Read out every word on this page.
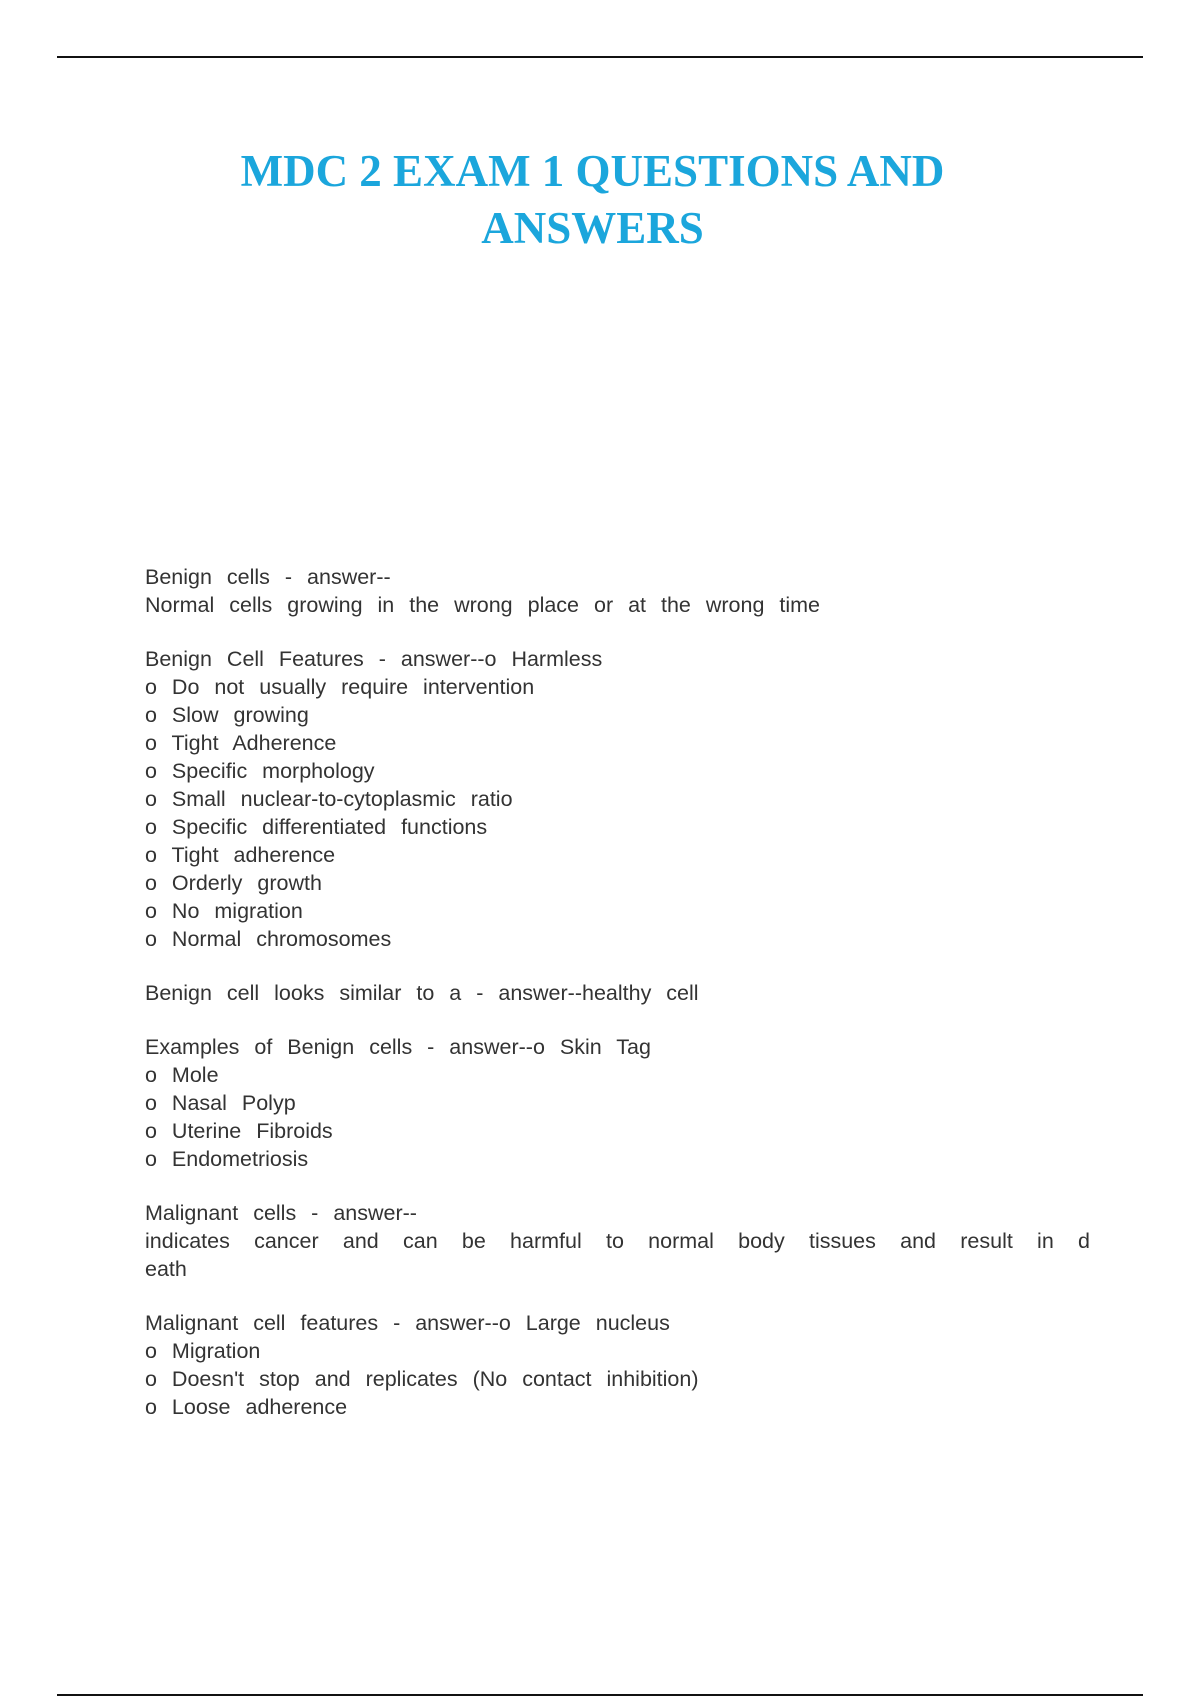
MDC 2 EXAM 1 QUESTIONS AND
ANSWERS
Benign cells - answer--
Normal cells growing in the wrong place or at the wrong time
Benign Cell Features - answer--o Harmless
o Do not usually require intervention
o Slow growing
o Tight Adherence
o Specific morphology
o Small nuclear-to-cytoplasmic ratio
o Specific differentiated functions
o Tight adherence
o Orderly growth
o No migration
o Normal chromosomes
Benign cell looks similar to a - answer--healthy cell
Examples of Benign cells - answer--o Skin Tag
o Mole
o Nasal Polyp
o Uterine Fibroids
o Endometriosis
Malignant cells - answer--
indicates cancer and can be harmful to normal body tissues and result in d
eath
Malignant cell features - answer--o Large nucleus
o Migration
o Doesn't stop and replicates (No contact inhibition)
o Loose adherence
